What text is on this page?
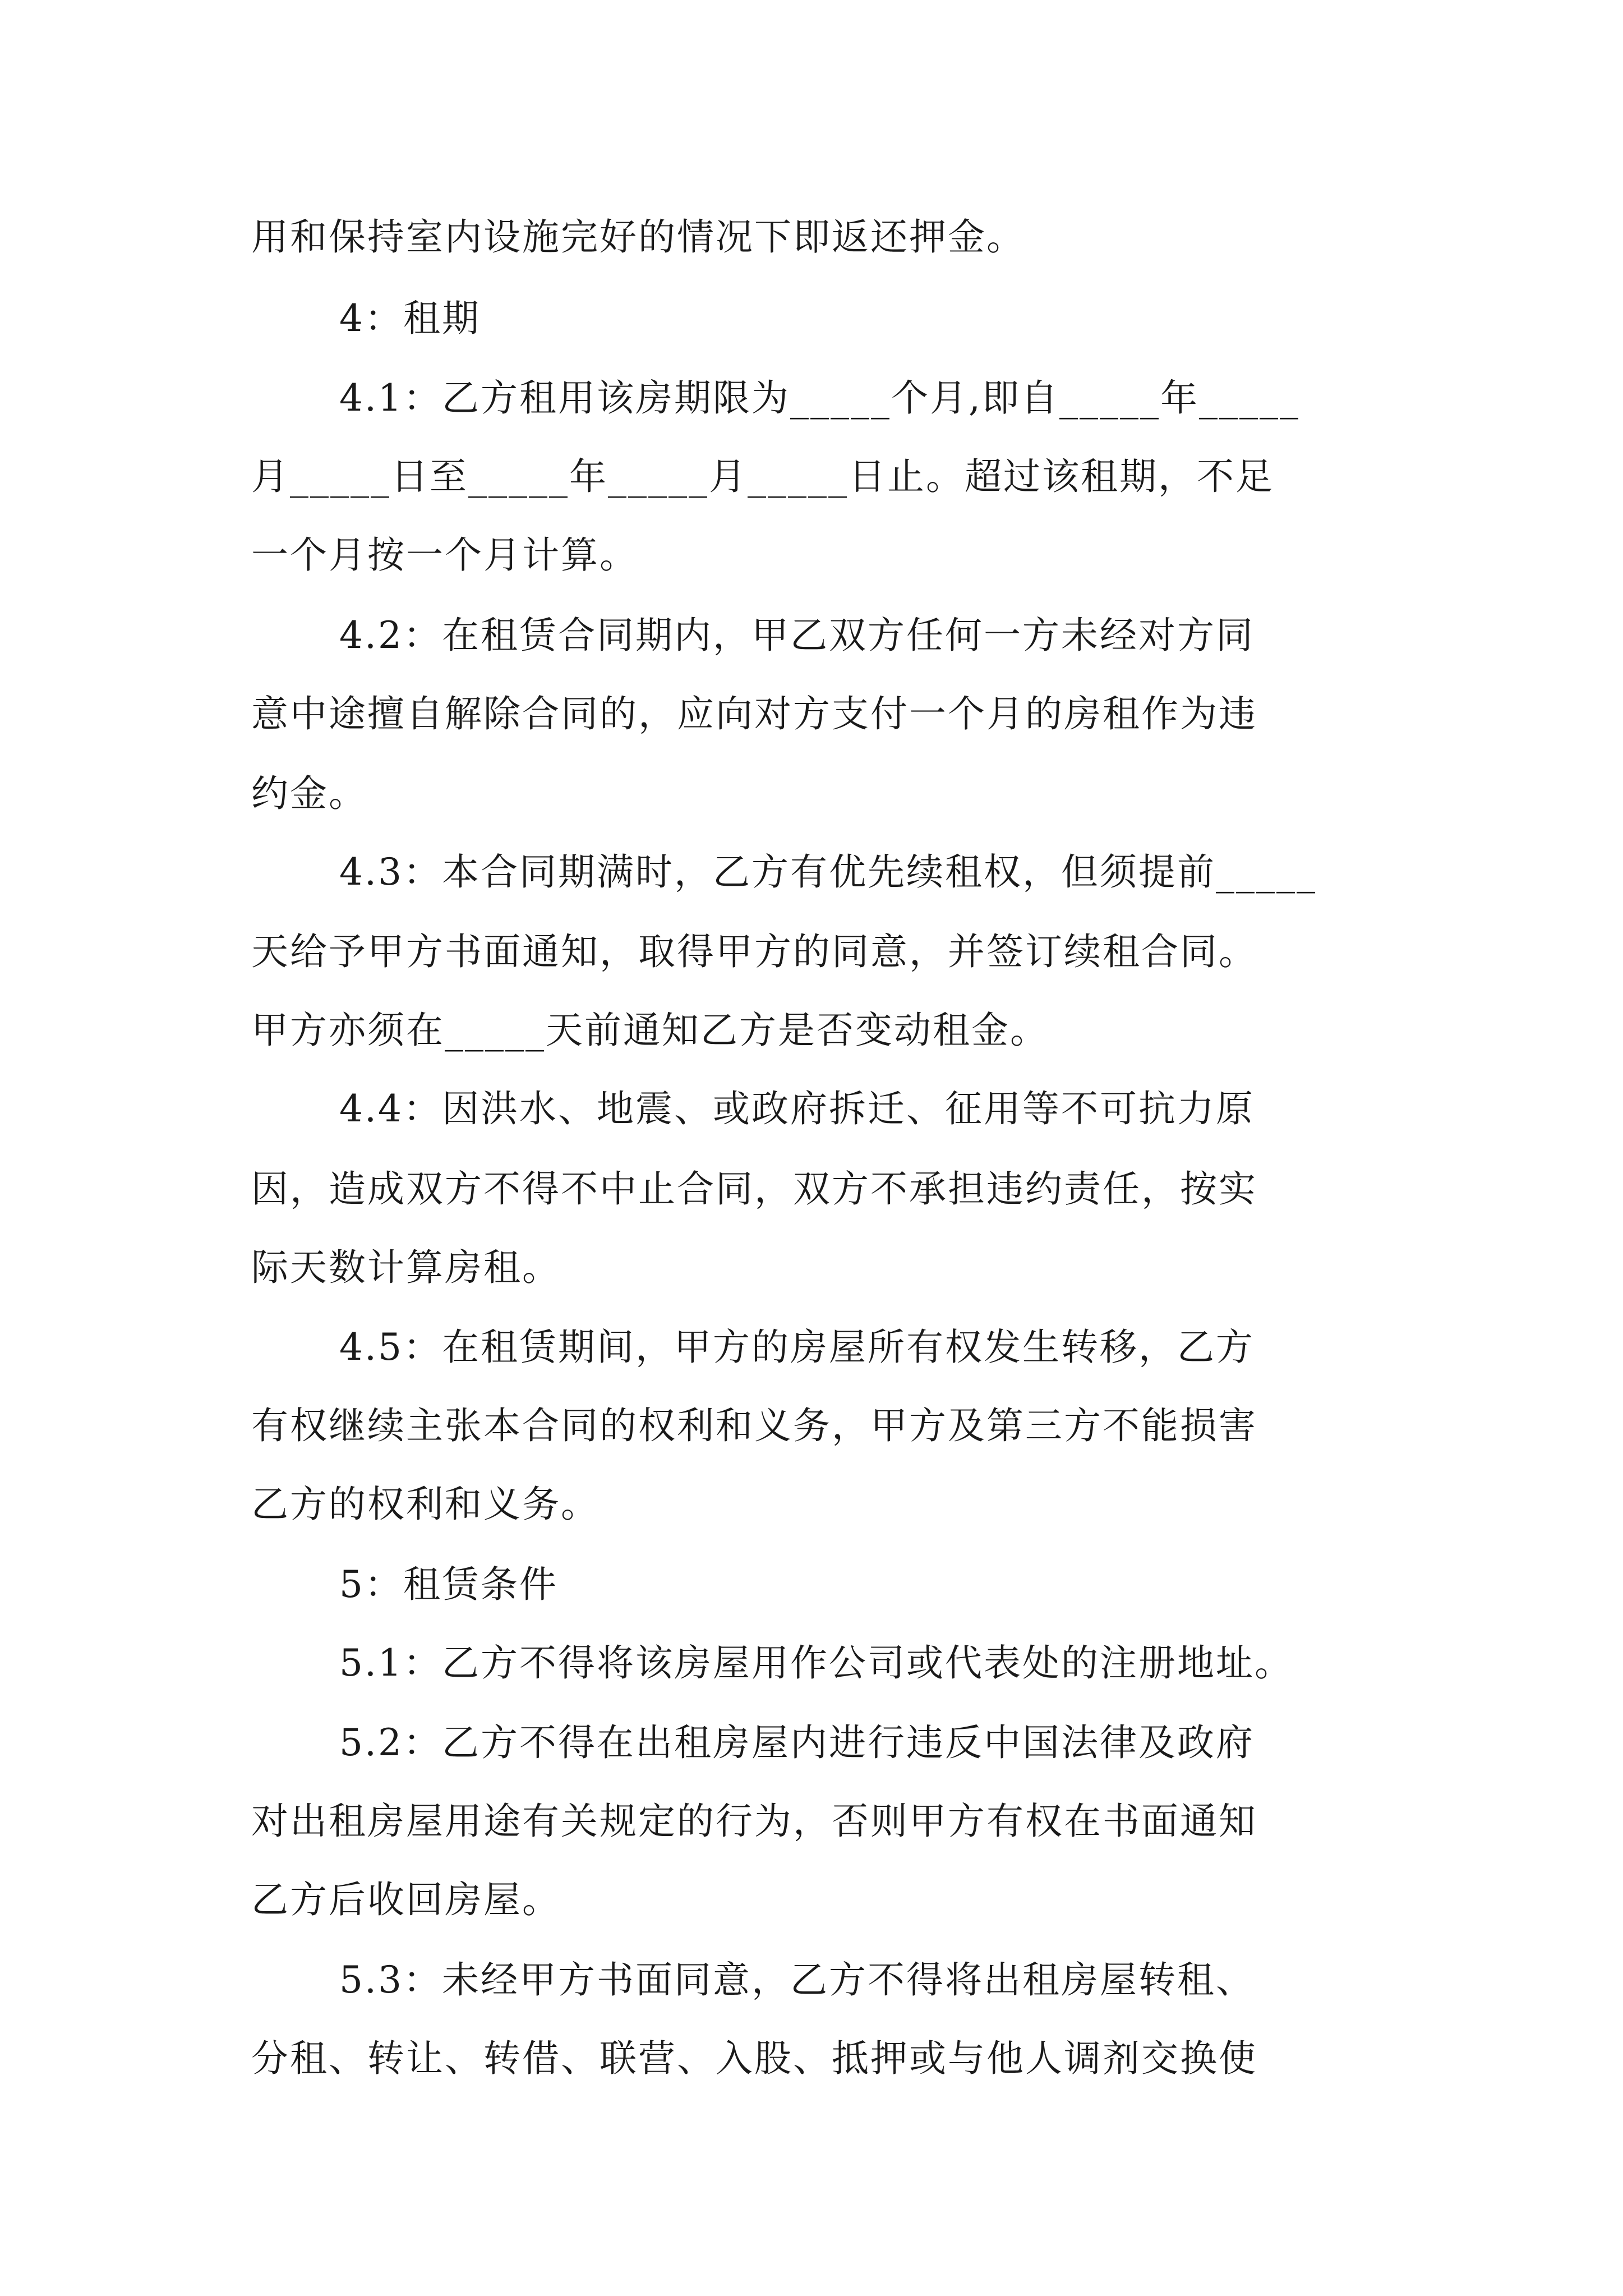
用和保持室内设施完好的情况下即返还押金。
4：租期
4.1：乙方租用该房期限为_____个月,即自_____年_____
月_____日至_____年_____月_____日止。超过该租期，不足
一个月按一个月计算。
4.2：在租赁合同期内，甲乙双方任何一方未经对方同
意中途擅自解除合同的，应向对方支付一个月的房租作为违
约金。
4.3：本合同期满时，乙方有优先续租权，但须提前_____
天给予甲方书面通知，取得甲方的同意，并签订续租合同。
甲方亦须在_____天前通知乙方是否变动租金。
4.4：因洪水、地震、或政府拆迁、征用等不可抗力原
因，造成双方不得不中止合同，双方不承担违约责任，按实
际天数计算房租。
4.5：在租赁期间，甲方的房屋所有权发生转移，乙方
有权继续主张本合同的权利和义务，甲方及第三方不能损害
乙方的权利和义务。
5：租赁条件
5.1：乙方不得将该房屋用作公司或代表处的注册地址。
5.2：乙方不得在出租房屋内进行违反中国法律及政府
对出租房屋用途有关规定的行为，否则甲方有权在书面通知
乙方后收回房屋。
5.3：未经甲方书面同意，乙方不得将出租房屋转租、
分租、转让、转借、联营、入股、抵押或与他人调剂交换使
